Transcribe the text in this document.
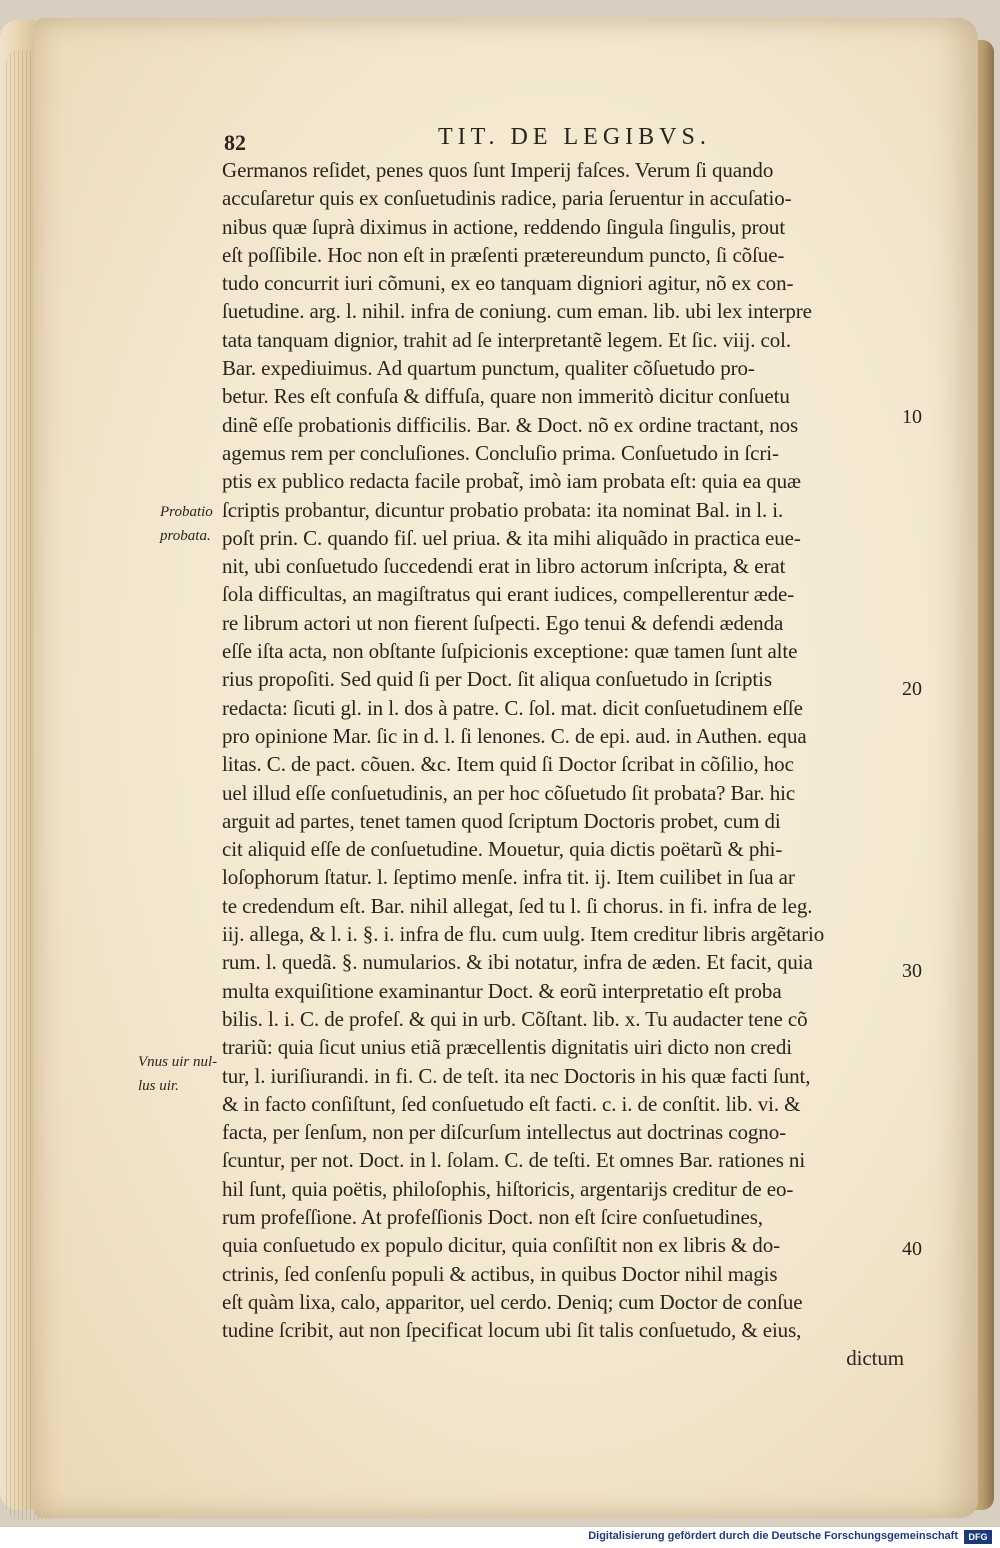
82	TIT. DE LEGIBVS.
Germanos reſidet, penes quos ſunt Imperij faſces. Verum ſi quando
accuſaretur quis ex conſuetudinis radice, paria ſeruentur in accuſatio-
nibus quæ ſuprà diximus in actione, reddendo ſingula ſingulis, prout
eſt poſſibile. Hoc non eſt in præſenti prætereundum puncto, ſi cõſue-
tudo concurrit iuri cõmuni, ex eo tanquam digniori agitur, nõ ex con-
ſuetudine. arg. l. nihil. infra de coniung. cum eman. lib. ubi lex interpre
tata tanquam dignior, trahit ad ſe interpretantẽ legem. Et ſic. viij. col.
Bar. expediuimus. Ad quartum punctum, qualiter cõſuetudo pro-
betur. Res eſt confuſa & diffuſa, quare non immeritò dicitur conſuetu
dinẽ eſſe probationis difficilis. Bar. & Doct. nõ ex ordine tractant, nos
agemus rem per concluſiones. Concluſio prima. Conſuetudo in ſcri-
ptis ex publico redacta facile probat̃, imò iam probata eſt: quia ea quæ
ſcriptis probantur, dicuntur probatio probata: ita nominat Bal. in l. i.
poſt prin. C. quando fiſ. uel priua. & ita mihi aliquãdo in practica eue-
nit, ubi conſuetudo ſuccedendi erat in libro actorum inſcripta, & erat
ſola difficultas, an magiſtratus qui erant iudices, compellerentur æde-
re librum actori ut non fierent ſuſpecti. Ego tenui & defendi ædenda
eſſe iſta acta, non obſtante ſuſpicionis exceptione: quæ tamen ſunt alte
rius propoſiti. Sed quid ſi per Doct. ſit aliqua conſuetudo in ſcriptis
redacta: ſicuti gl. in l. dos à patre. C. ſol. mat. dicit conſuetudinem eſſe
pro opinione Mar. ſic in d. l. ſi lenones. C. de epi. aud. in Authen. equa
litas. C. de pact. cõuen. &c. Item quid ſi Doctor ſcribat in cõſilio, hoc
uel illud eſſe conſuetudinis, an per hoc cõſuetudo ſit probata? Bar. hic
arguit ad partes, tenet tamen quod ſcriptum Doctoris probet, cum di
cit aliquid eſſe de conſuetudine. Mouetur, quia dictis poëtarũ & phi-
loſophorum ſtatur. l. ſeptimo menſe. infra tit. ij. Item cuilibet in ſua ar
te credendum eſt. Bar. nihil allegat, ſed tu l. ſi chorus. in fi. infra de leg.
iij. allega, & l. i. §. i. infra de flu. cum uulg. Item creditur libris argẽtario
rum. l. quedã. §. numularios. & ibi notatur, infra de æden. Et facit, quia
multa exquiſitione examinantur Doct. & eorũ interpretatio eſt proba
bilis. l. i. C. de profeſ. & qui in urb. Cõſtant. lib. x. Tu audacter tene cõ
trariũ: quia ſicut unius etiã præcellentis dignitatis uiri dicto non credi
tur, l. iuriſiurandi. in fi. C. de teſt. ita nec Doctoris in his quæ facti ſunt,
& in facto conſiſtunt, ſed conſuetudo eſt facti. c. i. de conſtit. lib. vi. &
facta, per ſenſum, non per diſcurſum intellectus aut doctrinas cogno-
ſcuntur, per not. Doct. in l. ſolam. C. de teſti. Et omnes Bar. rationes ni
hil ſunt, quia poëtis, philoſophis, hiſtoricis, argentarijs creditur de eo-
rum profeſſione. At profeſſionis Doct. non eſt ſcire conſuetudines,
quia conſuetudo ex populo dicitur, quia conſiſtit non ex libris & do-
ctrinis, ſed conſenſu populi & actibus, in quibus Doctor nihil magis
eſt quàm lixa, calo, apparitor, uel cerdo. Deniq; cum Doctor de conſue
tudine ſcribit, aut non ſpecificat locum ubi ſit talis conſuetudo, & eius,
dictum
Probatio probata.
Vnus uir nul- lus uir.
10
20
30
40
Digitalisierung gefördert durch die Deutsche Forschungsgemeinschaft	DFG
